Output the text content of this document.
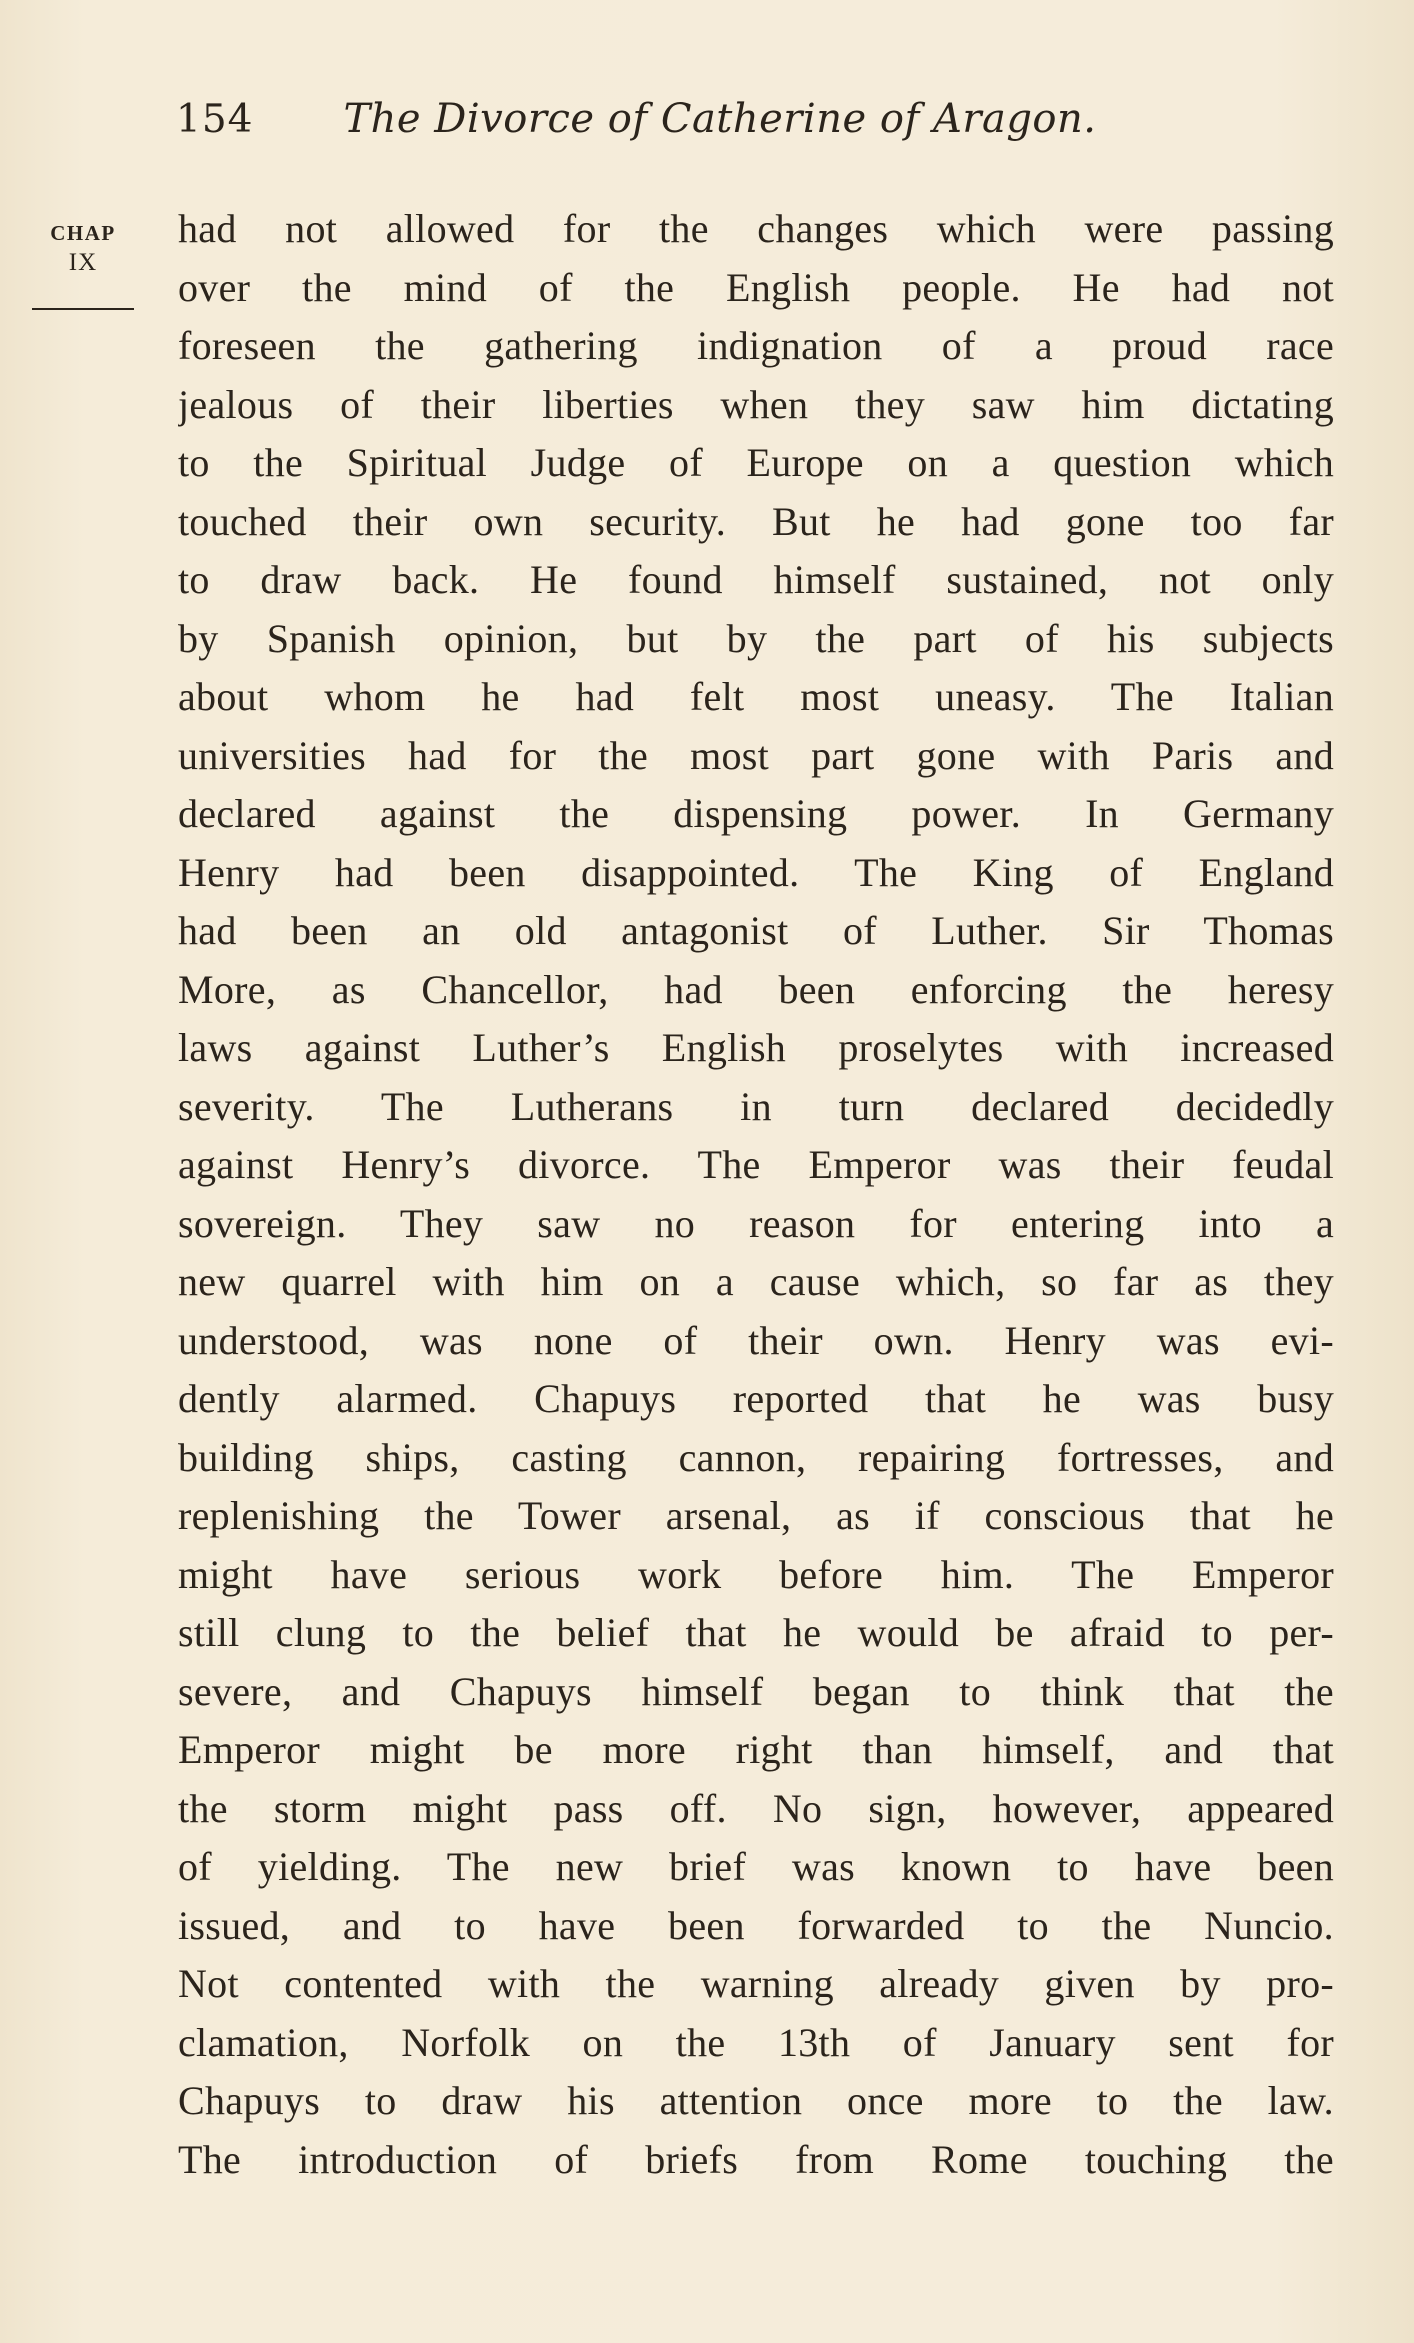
154 The Divorce of Catherine of Aragon.
CHAP
IX
had not allowed for the changes which were passing
over the mind of the English people. He had not
foreseen the gathering indignation of a proud race
jealous of their liberties when they saw him dictating
to the Spiritual Judge of Europe on a question which
touched their own security. But he had gone too far
to draw back. He found himself sustained, not only
by Spanish opinion, but by the part of his subjects
about whom he had felt most uneasy. The Italian
universities had for the most part gone with Paris and
declared against the dispensing power. In Germany
Henry had been disappointed. The King of England
had been an old antagonist of Luther. Sir Thomas
More, as Chancellor, had been enforcing the heresy
laws against Luther’s English proselytes with increased
severity. The Lutherans in turn declared decidedly
against Henry’s divorce. The Emperor was their feudal
sovereign. They saw no reason for entering into a
new quarrel with him on a cause which, so far as they
understood, was none of their own. Henry was evi-
dently alarmed. Chapuys reported that he was busy
building ships, casting cannon, repairing fortresses, and
replenishing the Tower arsenal, as if conscious that he
might have serious work before him. The Emperor
still clung to the belief that he would be afraid to per-
severe, and Chapuys himself began to think that the
Emperor might be more right than himself, and that
the storm might pass off. No sign, however, appeared
of yielding. The new brief was known to have been
issued, and to have been forwarded to the Nuncio.
Not contented with the warning already given by pro-
clamation, Norfolk on the 13th of January sent for
Chapuys to draw his attention once more to the law.
The introduction of briefs from Rome touching the
